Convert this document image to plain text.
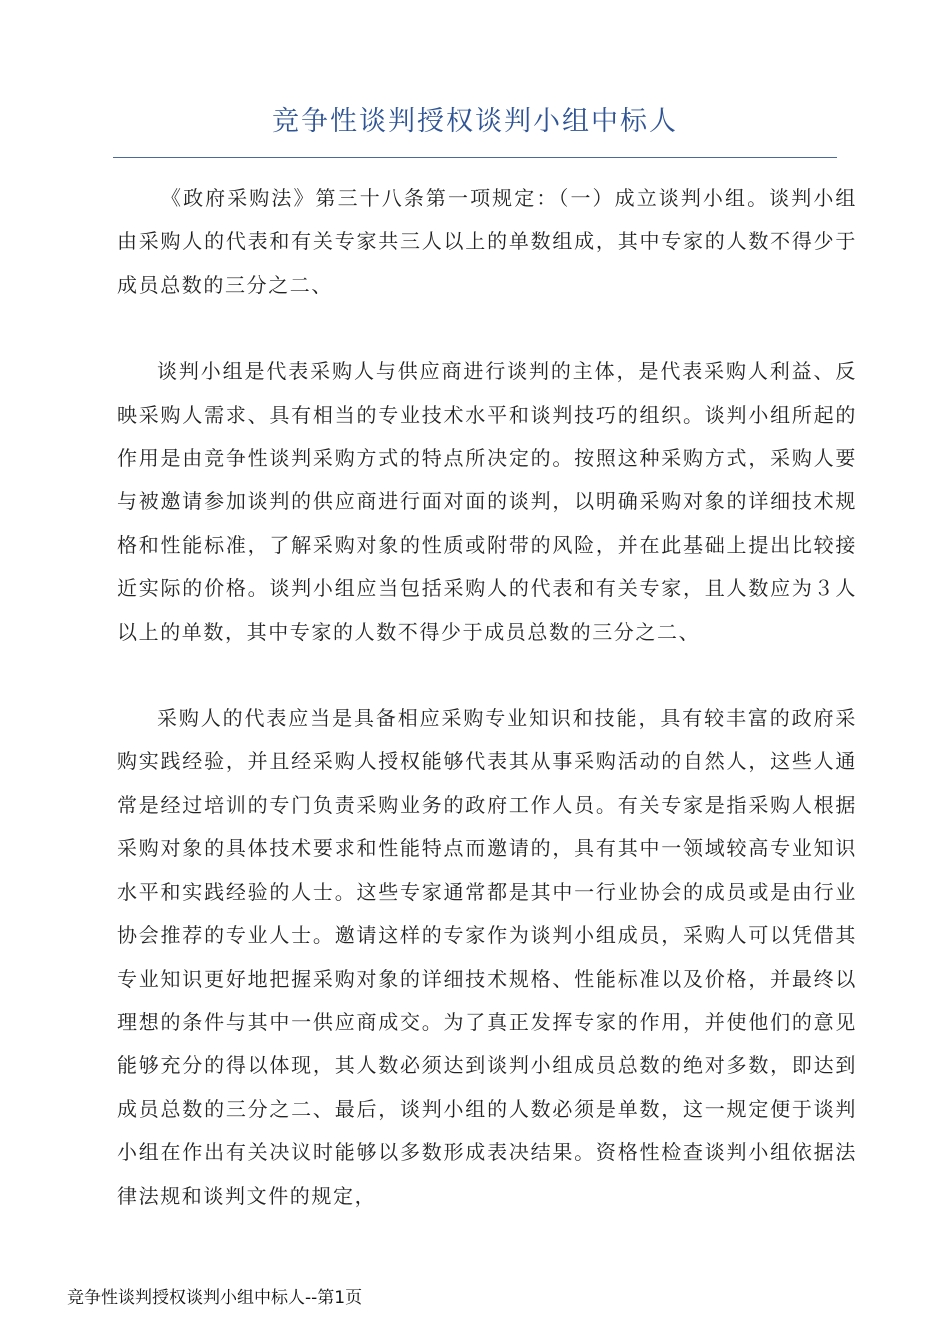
竞争性谈判授权谈判小组中标人

《政府采购法》第三十八条第一项规定：（一）成立谈判小组。谈判小组由采购人的代表和有关专家共三人以上的单数组成，其中专家的人数不得少于成员总数的三分之二、

谈判小组是代表采购人与供应商进行谈判的主体，是代表采购人利益、反映采购人需求、具有相当的专业技术水平和谈判技巧的组织。谈判小组所起的作用是由竞争性谈判采购方式的特点所决定的。按照这种采购方式，采购人要与被邀请参加谈判的供应商进行面对面的谈判，以明确采购对象的详细技术规格和性能标准，了解采购对象的性质或附带的风险，并在此基础上提出比较接近实际的价格。谈判小组应当包括采购人的代表和有关专家，且人数应为３人以上的单数，其中专家的人数不得少于成员总数的三分之二、

采购人的代表应当是具备相应采购专业知识和技能，具有较丰富的政府采购实践经验，并且经采购人授权能够代表其从事采购活动的自然人，这些人通常是经过培训的专门负责采购业务的政府工作人员。有关专家是指采购人根据采购对象的具体技术要求和性能特点而邀请的，具有其中一领域较高专业知识水平和实践经验的人士。这些专家通常都是其中一行业协会的成员或是由行业协会推荐的专业人士。邀请这样的专家作为谈判小组成员，采购人可以凭借其专业知识更好地把握采购对象的详细技术规格、性能标准以及价格，并最终以理想的条件与其中一供应商成交。为了真正发挥专家的作用，并使他们的意见能够充分的得以体现，其人数必须达到谈判小组成员总数的绝对多数，即达到成员总数的三分之二、最后，谈判小组的人数必须是单数，这一规定便于谈判小组在作出有关决议时能够以多数形成表决结果。资格性检查谈判小组依据法律法规和谈判文件的规定，

竞争性谈判授权谈判小组中标人--第1页
